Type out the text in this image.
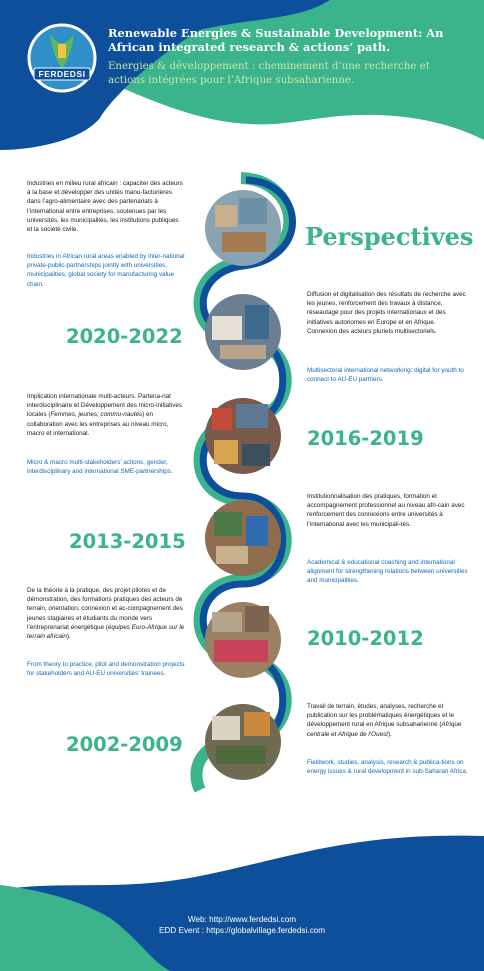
FERDEDSI
Renewable Energies & Sustainable Development: An African integrated research & actions’ path.
Energies & développement : cheminement d’une recherche et actions intégrées pour l’Afrique subsaharienne.
Industries en milieu rural africain : capaciter des acteurs à la base et développer des unités manu-facturières dans l’agro-alimentaire avec des partenariats à l’international entre entreprises, soutenues par les universités, les municipalités, les institutions publiques et la société civile.
Industries in African rural areas enabled by inter-national private-public-partnerships jointly with universities, municipalities, global society for manufacturing value chain.
Perspectives
2020-2022
Diffusion et digitalisation des résultats de recherche avec les jeunes, renforcement des travaux à distance, réseautage pour des projets internationaux et des initiatives autonomes en Europe et en Afrique. Connexion des acteurs pluriels multisectoriels.
Multisectoral international networking: digital for youth to connect to AU-EU partners.
Implication internationale multi-acteurs. Partena-riat interdisciplinaire et Développement des micro-initiatives locales (Femmes, jeunes, commu-nautés) en collaboration avec les entreprises au niveau micro, macro et international.
Micro & macro multi-stakeholders’ actions, gender, interdisciplinary and international SME-partnerships.
2016-2019
2013-2015
Institutionnalisation des pratiques, formation et accompagnement professionnel au niveau afri-cain avec renforcement des connexions entre universités à l’international avec les municipali-tés.
Academical & educational coaching and international alignment for strengthening relations between universities and municipalities.
De la théorie à la pratique, des projet pilotes et de démonstration, des formations pratiques des acteurs de terrain, orientation, connexion et ac-compagnement des jeunes stagiaires et étudiants du monde vers l’entreprenariat énergétique (équipes Euro-Afrique sur le terrain africain).
From theory to practice, pilot and demonstration projects for stakeholders and AU-EU universities’ trainees.
2010-2012
2002-2009
Travail de terrain, études, analyses, recherche et publication sur les problématiques énergétiques et le développement rural en Afrique subsaharienne (Afrique centrale et Afrique de l’Ouest).
Fieldwork, studies, analysis, research & publica-tions on energy issues & rural development in sub-Saharan Africa.
Web: http://www.ferdedsi.com
EDD Event : https://globalvillage.ferdedsi.com
